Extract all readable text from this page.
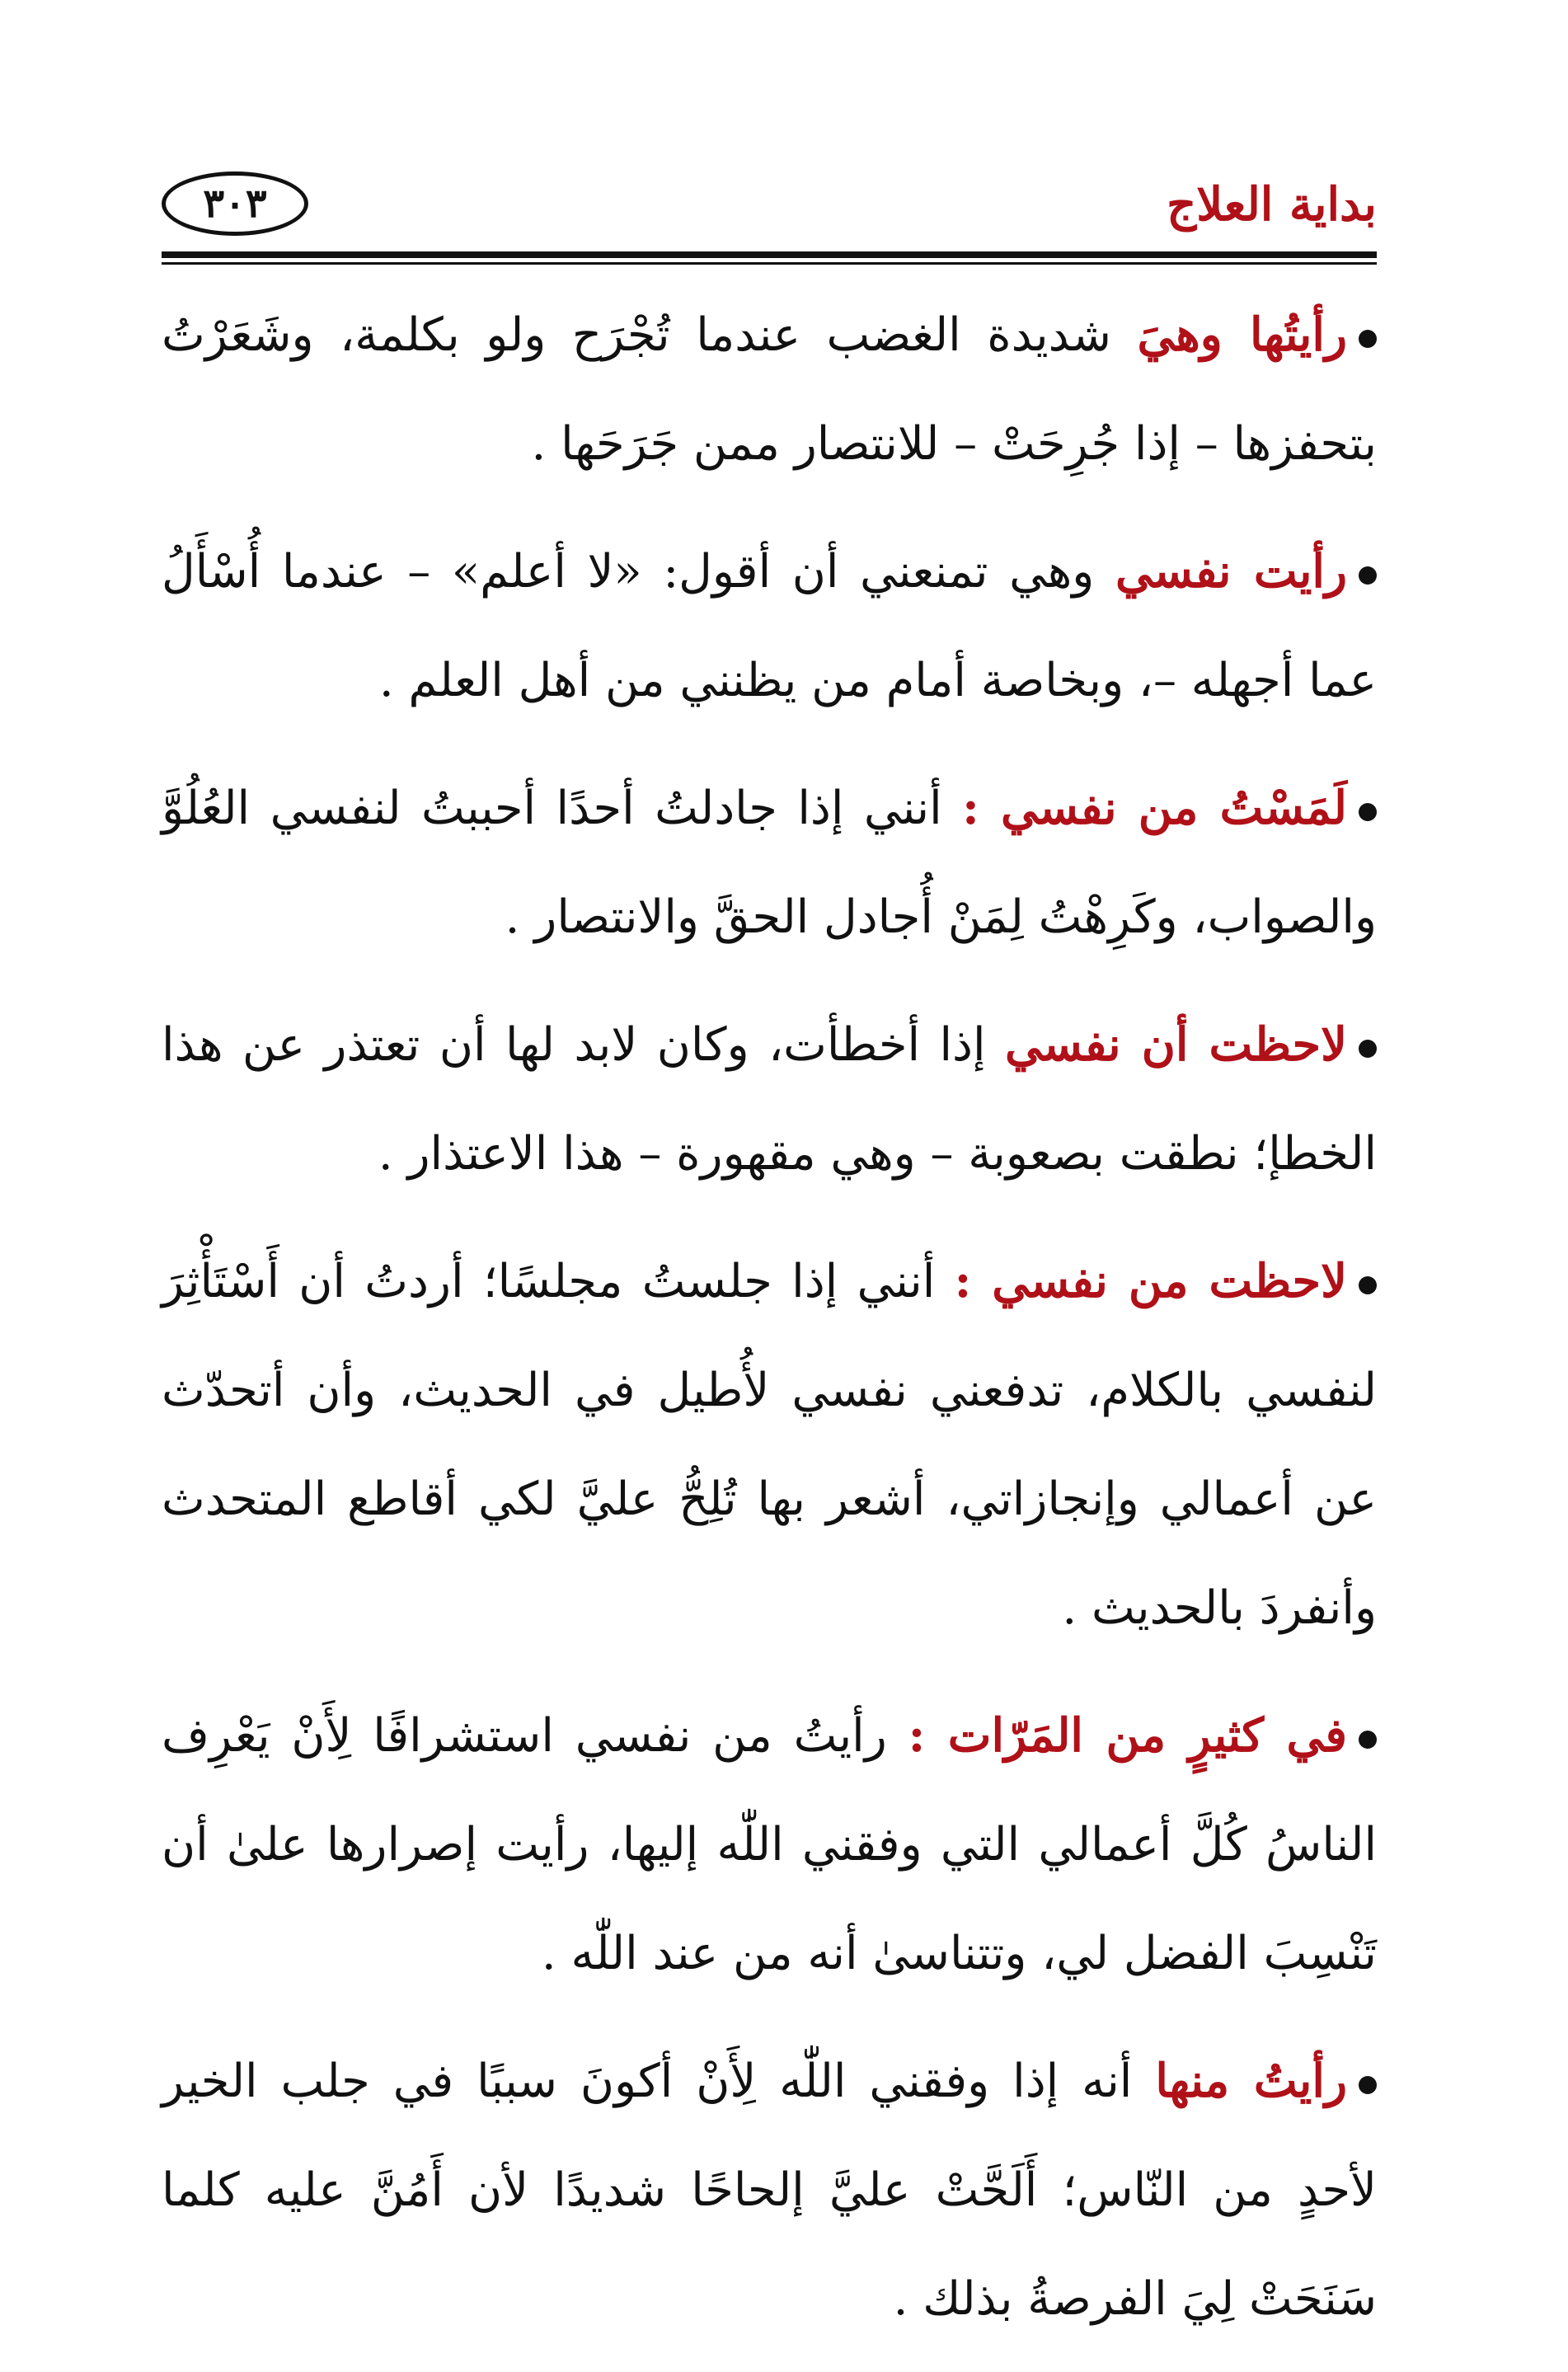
بداية العلاج
٣٠٣

رأيتُها وهيَ شديدة الغضب عندما تُجْرَح ولو بكلمة، وشَعَرْتُ بتحفزها – إذا جُرِحَتْ – للانتصار ممن جَرَحَها .

رأيت نفسي وهي تمنعني أن أقول: «لا أعلم» – عندما أُسْأَلُ عما أجهله –، وبخاصة أمام من يظنني من أهل العلم .

لَمَسْتُ من نفسي : أنني إذا جادلتُ أحدًا أحببتُ لنفسي العُلُوَّ والصواب، وكَرِهْتُ لِمَنْ أُجادل الحقَّ والانتصار .

لاحظت أن نفسي إذا أخطأت، وكان لابد لها أن تعتذر عن هذا الخطإ؛ نطقت بصعوبة – وهي مقهورة – هذا الاعتذار .

لاحظت من نفسي : أنني إذا جلستُ مجلسًا؛ أردتُ أن أَسْتَأْثِرَ لنفسي بالكلام، تدفعني نفسي لأُطيل في الحديث، وأن أتحدّث عن أعمالي وإنجازاتي، أشعر بها تُلِحُّ عليَّ لكي أقاطع المتحدث وأنفردَ بالحديث .

في كثيرٍ من المَرّات : رأيتُ من نفسي استشرافًا لِأَنْ يَعْرِف الناسُ كُلَّ أعمالي التي وفقني اللّٰه إليها، رأيت إصرارها علىٰ أن تَنْسِبَ الفضل لي، وتتناسىٰ أنه من عند اللّٰه .

رأيتُ منها أنه إذا وفقني اللّٰه لِأَنْ أكونَ سببًا في جلب الخير لأحدٍ من النّاس؛ أَلَحَّتْ عليَّ إلحاحًا شديدًا لأن أَمُنَّ عليه كلما سَنَحَتْ لِيَ الفرصةُ بذلك .
